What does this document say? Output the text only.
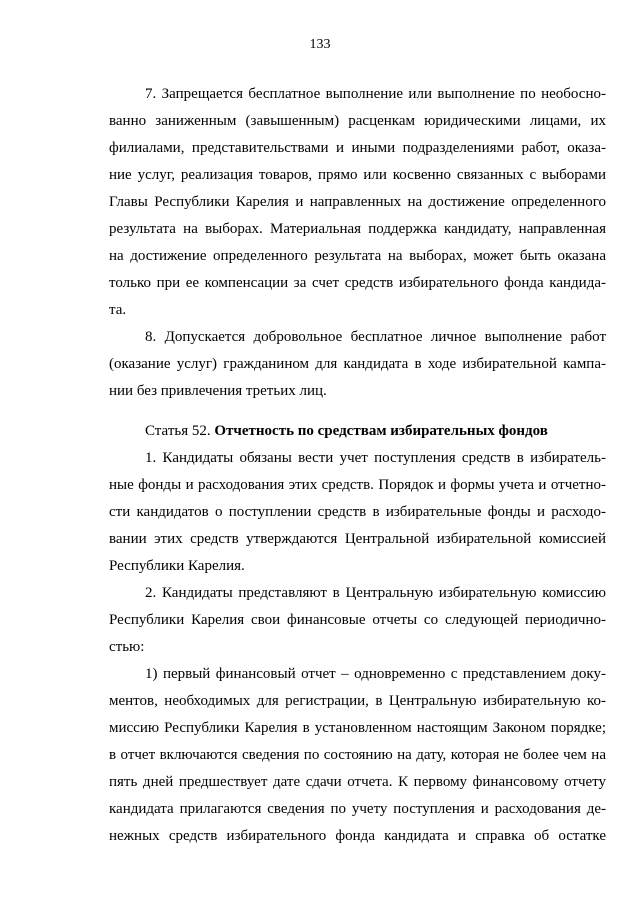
133
7. Запрещается бесплатное выполнение или выполнение по необосно-
ванно заниженным (завышенным) расценкам юридическими лицами, их
филиалами, представительствами и иными подразделениями работ, оказа-
ние услуг, реализация товаров, прямо или косвенно связанных с выборами
Главы Республики Карелия и направленных на достижение определенного
результата на выборах. Материальная поддержка кандидату, направленная
на достижение определенного результата на выборах, может быть оказана
только при ее компенсации за счет средств избирательного фонда кандида-
та.
8. Допускается добровольное бесплатное личное выполнение работ
(оказание услуг) гражданином для кандидата в ходе избирательной кампа-
нии без привлечения третьих лиц.
Статья 52. Отчетность по средствам избирательных фондов
1. Кандидаты обязаны вести учет поступления средств в избиратель-
ные фонды и расходования этих средств. Порядок и формы учета и отчетно-
сти кандидатов о поступлении средств в избирательные фонды и расходо-
вании этих средств утверждаются Центральной избирательной комиссией
Республики Карелия.
2. Кандидаты представляют в Центральную избирательную комиссию
Республики Карелия свои финансовые отчеты со следующей периодично-
стью:
1) первый финансовый отчет – одновременно с представлением доку-
ментов, необходимых для регистрации, в Центральную избирательную ко-
миссию Республики Карелия в установленном настоящим Законом порядке;
в отчет включаются сведения по состоянию на дату, которая не более чем на
пять дней предшествует дате сдачи отчета. К первому финансовому отчету
кандидата прилагаются сведения по учету поступления и расходования де-
нежных средств избирательного фонда кандидата и справка об остатке
